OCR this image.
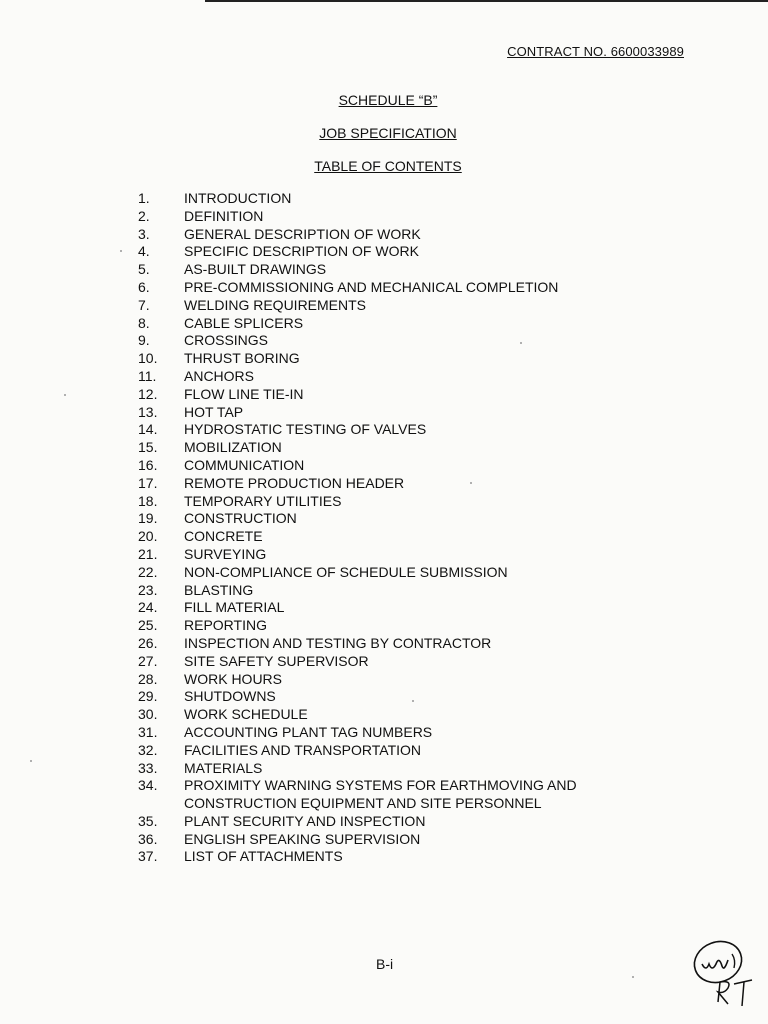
CONTRACT NO. 6600033989
SCHEDULE “B”
JOB SPECIFICATION
TABLE OF CONTENTS
1. INTRODUCTION
2. DEFINITION
3. GENERAL DESCRIPTION OF WORK
4. SPECIFIC DESCRIPTION OF WORK
5. AS-BUILT DRAWINGS
6. PRE-COMMISSIONING AND MECHANICAL COMPLETION
7. WELDING REQUIREMENTS
8. CABLE SPLICERS
9. CROSSINGS
10. THRUST BORING
11. ANCHORS
12. FLOW LINE TIE-IN
13. HOT TAP
14. HYDROSTATIC TESTING OF VALVES
15. MOBILIZATION
16. COMMUNICATION
17. REMOTE PRODUCTION HEADER
18. TEMPORARY UTILITIES
19. CONSTRUCTION
20. CONCRETE
21. SURVEYING
22. NON-COMPLIANCE OF SCHEDULE SUBMISSION
23. BLASTING
24. FILL MATERIAL
25. REPORTING
26. INSPECTION AND TESTING BY CONTRACTOR
27. SITE SAFETY SUPERVISOR
28. WORK HOURS
29. SHUTDOWNS
30. WORK SCHEDULE
31. ACCOUNTING PLANT TAG NUMBERS
32. FACILITIES AND TRANSPORTATION
33. MATERIALS
34. PROXIMITY WARNING SYSTEMS FOR EARTHMOVING AND
CONSTRUCTION EQUIPMENT AND SITE PERSONNEL
35. PLANT SECURITY AND INSPECTION
36. ENGLISH SPEAKING SUPERVISION
37. LIST OF ATTACHMENTS
B-i
